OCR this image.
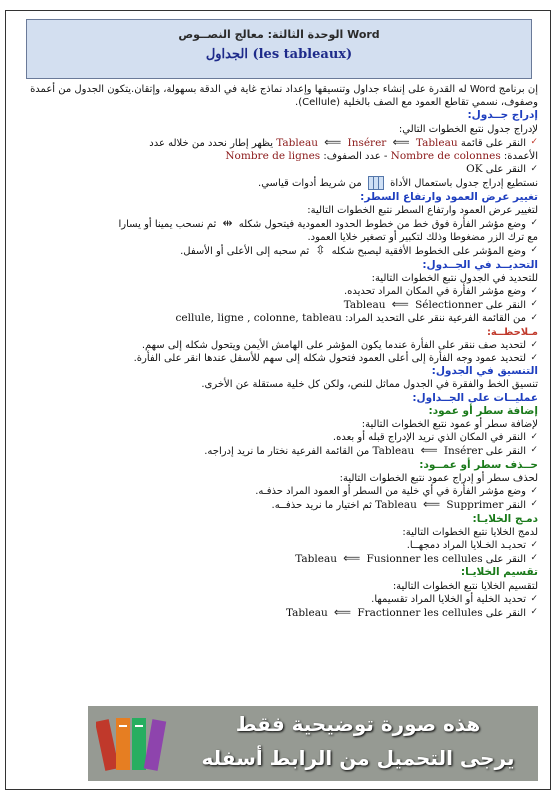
الوحدة الثالثة: معالج النصــوص Word
الجداول (les tableaux)
إن برنامج Word له القدرة على إنشاء جداول وتنسيقها وإعداد نماذج غاية في الدقة بسهولة، وإتقان.يتكون الجدول من أعمدة وصفوف، نسمي تقاطع العمود مع الصف بالخلية (Cellule).
إدراج جــدول:
لإدراج جدول نتبع الخطوات التالي:
✓ النقر على قائمة Tableau ⟸ Insérer ⟸ Tableau يظهر إطار نحدد من خلاله عدد
الأعمدة: Nombre de colonnes - عدد الصفوف: Nombre de lignes
✓ النقر على OK
نستطيع إدراج جدول باستعمال الأداة  من شريط أدوات قياسي.
تغيير عرض العمود وارتفاع السطر:
لتغيير عرض العمود وارتفاع السطر نتبع الخطوات التالية:
✓ وضع مؤشر الفأرة فوق خط من خطوط الحدود العمودية فيتحول شكله ⇹ ثم نسحب يمينا أو يسارا
مع ترك الزر مضغوطا وذلك لتكبير أو تصغير خلايا العمود.
✓ وضع المؤشر على الخطوط الأفقية ليصبح شكله ⇳ ثم سحبه إلى الأعلى أو الأسفل.
التحديــد في الجــدول:
للتحديد في الجدول نتبع الخطوات التالية:
✓ وضع مؤشر الفأرة في المكان المراد تحديده.
✓ النقر على Tableau ⟸ Sélectionner
✓ من القائمة الفرعية ننقر على التحديد المراد: cellule, ligne , colonne, tableau
مـلاحظــة:
✓ لتحديد صف ننقر على الفأرة عندما يكون المؤشر على الهامش الأيمن ويتحول شكله إلى سهم.
✓ لتحديد عمود وجه الفأرة إلى أعلى العمود فتحول شكله إلى سهم للأسفل عندها انقر على الفأرة.
التنسيق في الجدول:
تنسيق الخط والفقرة في الجدول مماثل للنص، ولكن كل خلية مستقلة عن الأخرى.
عمليــات على الجــداول:
إضافة سطر أو عمود:
لإضافة سطر أو عمود نتبع الخطوات التالية:
✓ النقر في المكان الذي نريد الإدراج قبله أو بعده.
✓ النقر على Tableau ⟸ Insérer من القائمة الفرعية نختار ما نريد إدراجه.
حــذف سطر أو عمــود:
لحذف سطر أو إدراج عمود نتبع الخطوات التالية:
✓ وضع مؤشر الفأرة في أي خلية من السطر أو العمود المراد حذفـه.
✓ النقر Tableau ⟸ Supprimer ثم اختيار ما نريد حذفــه.
دمـج الخلايـا:
لدمج الخلايا نتبع الخطوات التالية:
✓ تحديـد الخـلايا المراد دمجهــا.
✓ النقر على Tableau ⟸ Fusionner les cellules
تقسيم الخلايـا:
لتقسيم الخلايا نتبع الخطوات التالية:
✓ تحديد الخلية أو الخلايا المراد تقسيمها.
✓ النقر على Tableau ⟸ Fractionner les cellules
هذه صورة توضيحية فقط
يرجى التحميل من الرابط أسفله
